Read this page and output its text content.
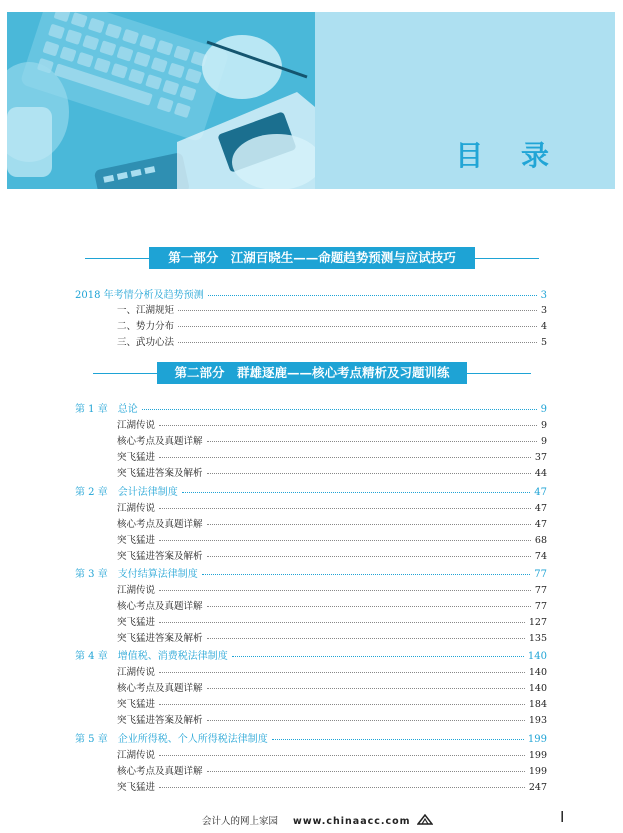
目 录
第一部分　江湖百晓生——命题趋势预测与应试技巧
2018 年考情分析及趋势预测	3
一、江湖规矩	3
二、势力分布	4
三、武功心法	5
第二部分　群雄逐鹿——核心考点精析及习题训练
第 1 章 总论	9
江湖传说	9
核心考点及真题详解	9
突飞猛进	37
突飞猛进答案及解析	44
第 2 章 会计法律制度	47
江湖传说	47
核心考点及真题详解	47
突飞猛进	68
突飞猛进答案及解析	74
第 3 章 支付结算法律制度	77
江湖传说	77
核心考点及真题详解	77
突飞猛进	127
突飞猛进答案及解析	135
第 4 章 增值税、消费税法律制度	140
江湖传说	140
核心考点及真题详解	140
突飞猛进	184
突飞猛进答案及解析	193
第 5 章 企业所得税、个人所得税法律制度	199
江湖传说	199
核心考点及真题详解	199
突飞猛进	247
会计人的网上家园 www.chinaacc.com	I
